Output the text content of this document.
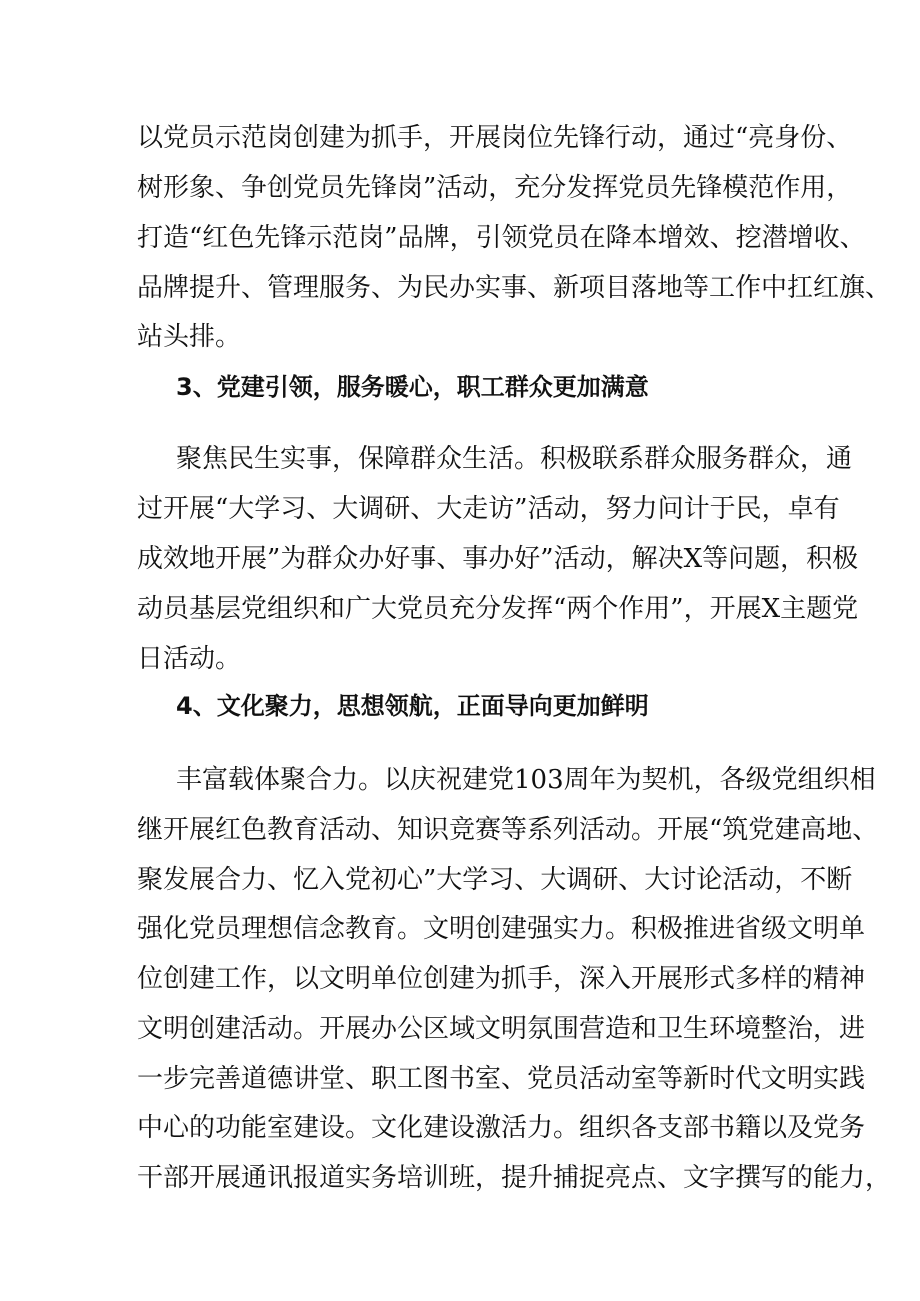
以党员示范岗创建为抓手，开展岗位先锋行动，通过“亮身份、
树形象、争创党员先锋岗”活动，充分发挥党员先锋模范作用，
打造“红色先锋示范岗”品牌，引领党员在降本增效、挖潜增收、
品牌提升、管理服务、为民办实事、新项目落地等工作中扛红旗、
站头排。
3、党建引领，服务暖心，职工群众更加满意
聚焦民生实事，保障群众生活。积极联系群众服务群众，通
过开展“大学习、大调研、大走访”活动，努力问计于民，卓有
成效地开展”为群众办好事、事办好”活动，解决X等问题，积极
动员基层党组织和广大党员充分发挥“两个作用”，开展X主题党
日活动。
4、文化聚力，思想领航，正面导向更加鲜明
丰富载体聚合力。以庆祝建党103周年为契机，各级党组织相
继开展红色教育活动、知识竞赛等系列活动。开展“筑党建高地、
聚发展合力、忆入党初心”大学习、大调研、大讨论活动，不断
强化党员理想信念教育。文明创建强实力。积极推进省级文明单
位创建工作，以文明单位创建为抓手，深入开展形式多样的精神
文明创建活动。开展办公区域文明氛围营造和卫生环境整治，进
一步完善道德讲堂、职工图书室、党员活动室等新时代文明实践
中心的功能室建设。文化建设激活力。组织各支部书籍以及党务
干部开展通讯报道实务培训班，提升捕捉亮点、文字撰写的能力，
